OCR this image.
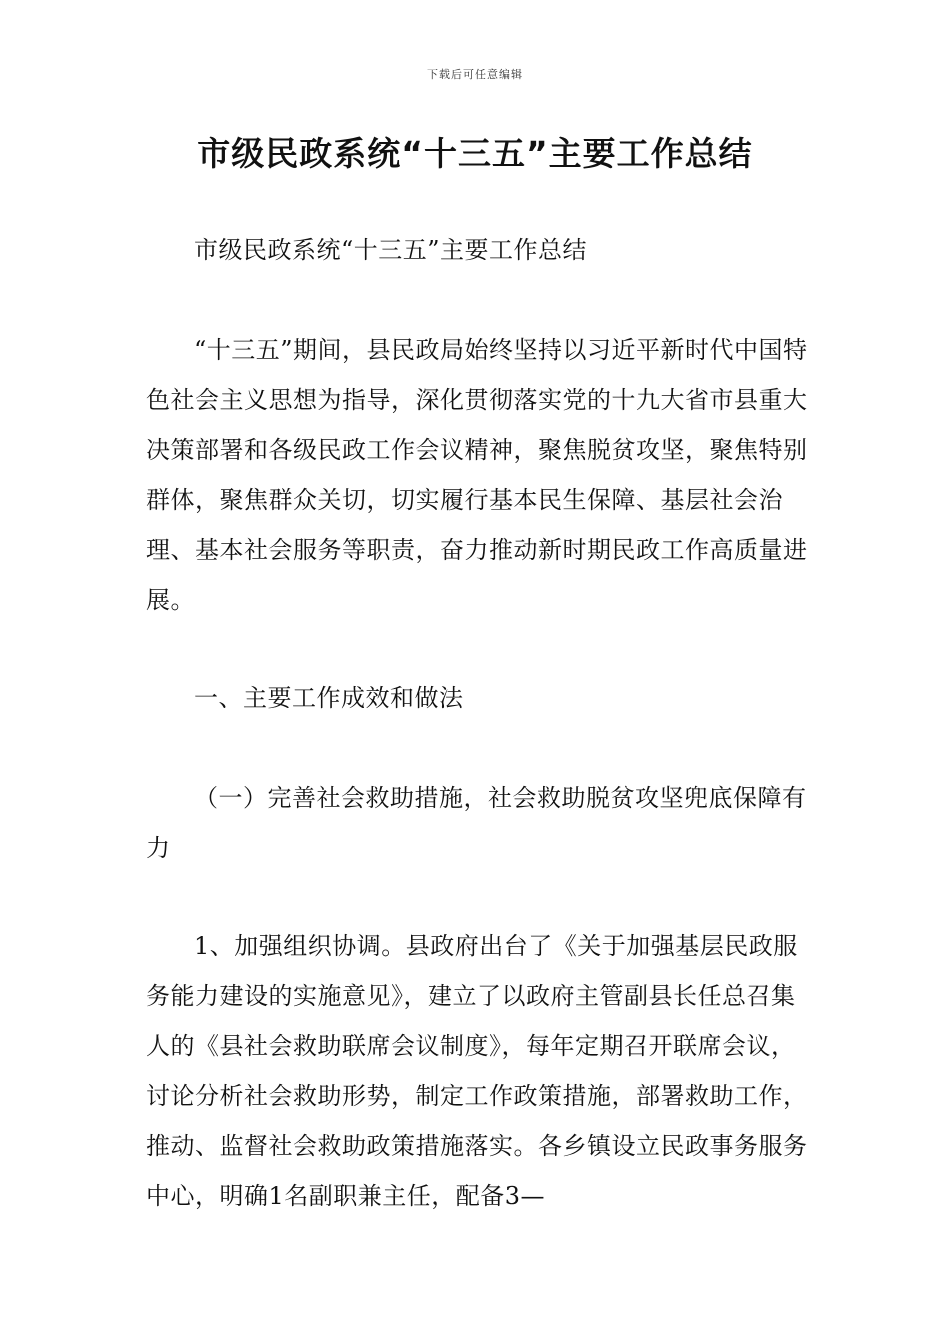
下载后可任意编辑
市级民政系统“十三五”主要工作总结

市级民政系统“十三五”主要工作总结

“十三五”期间，县民政局始终坚持以习近平新时代中国特色社会主义思想为指导，深化贯彻落实党的十九大省市县重大决策部署和各级民政工作会议精神，聚焦脱贫攻坚，聚焦特别群体，聚焦群众关切，切实履行基本民生保障、基层社会治理、基本社会服务等职责，奋力推动新时期民政工作高质量进展。

一、主要工作成效和做法

（一）完善社会救助措施，社会救助脱贫攻坚兜底保障有力

1、加强组织协调。县政府出台了《关于加强基层民政服务能力建设的实施意见》，建立了以政府主管副县长任总召集人的《县社会救助联席会议制度》，每年定期召开联席会议，讨论分析社会救助形势，制定工作政策措施，部署救助工作，推动、监督社会救助政策措施落实。各乡镇设立民政事务服务中心，明确1名副职兼主任，配备3—
